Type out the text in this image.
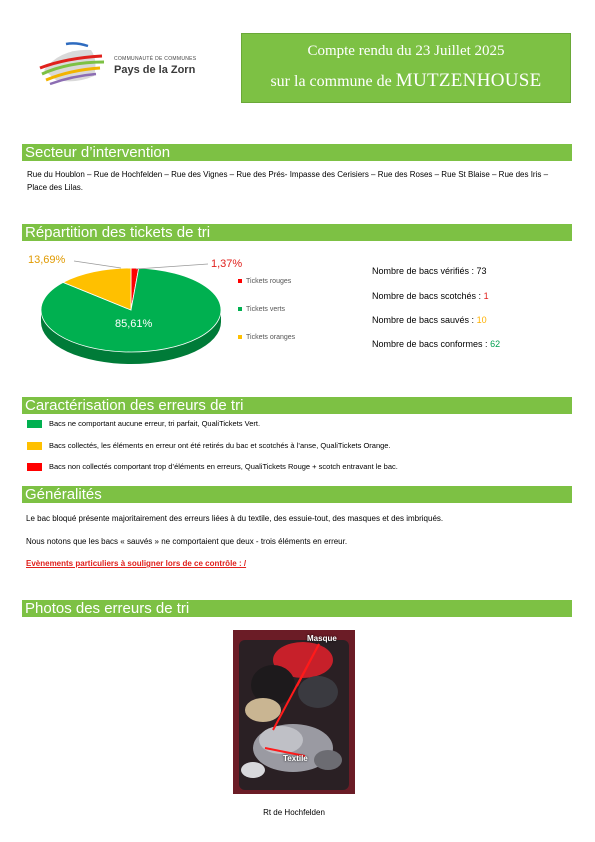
COMMUNAUTÉ DE COMMUNES
Pays de la Zorn
Compte rendu du 23 Juillet 2025
sur la commune de MUTZENHOUSE
Secteur d’intervention
Rue du Houblon – Rue de Hochfelden – Rue des Vignes – Rue des Prés- Impasse des Cerisiers – Rue des Roses – Rue St Blaise – Rue des Iris – Place des Lilas.
Répartition des tickets de tri
13,69%	1,37%
85,61%
Tickets rouges
Tickets verts
Tickets oranges
Nombre de bacs vérifiés : 73
Nombre de bacs scotchés : 1
Nombre de bacs sauvés : 10
Nombre de bacs conformes : 62
Caractérisation des erreurs de tri
Bacs ne comportant aucune erreur, tri parfait, QualiTickets Vert.
Bacs collectés, les éléments en erreur ont été retirés du bac et scotchés à l’anse, QualiTickets Orange.
Bacs non collectés comportant trop d’éléments en erreurs, QualiTickets Rouge + scotch entravant le bac.
Généralités
Le bac bloqué présente majoritairement des erreurs liées à du textile, des essuie-tout, des masques et des imbriqués.
Nous notons que les bacs « sauvés » ne comportaient que deux - trois éléments en erreur.
Evènements particuliers à souligner lors de ce contrôle : /
Photos des erreurs de tri
Masque
Textile
Rt de Hochfelden
